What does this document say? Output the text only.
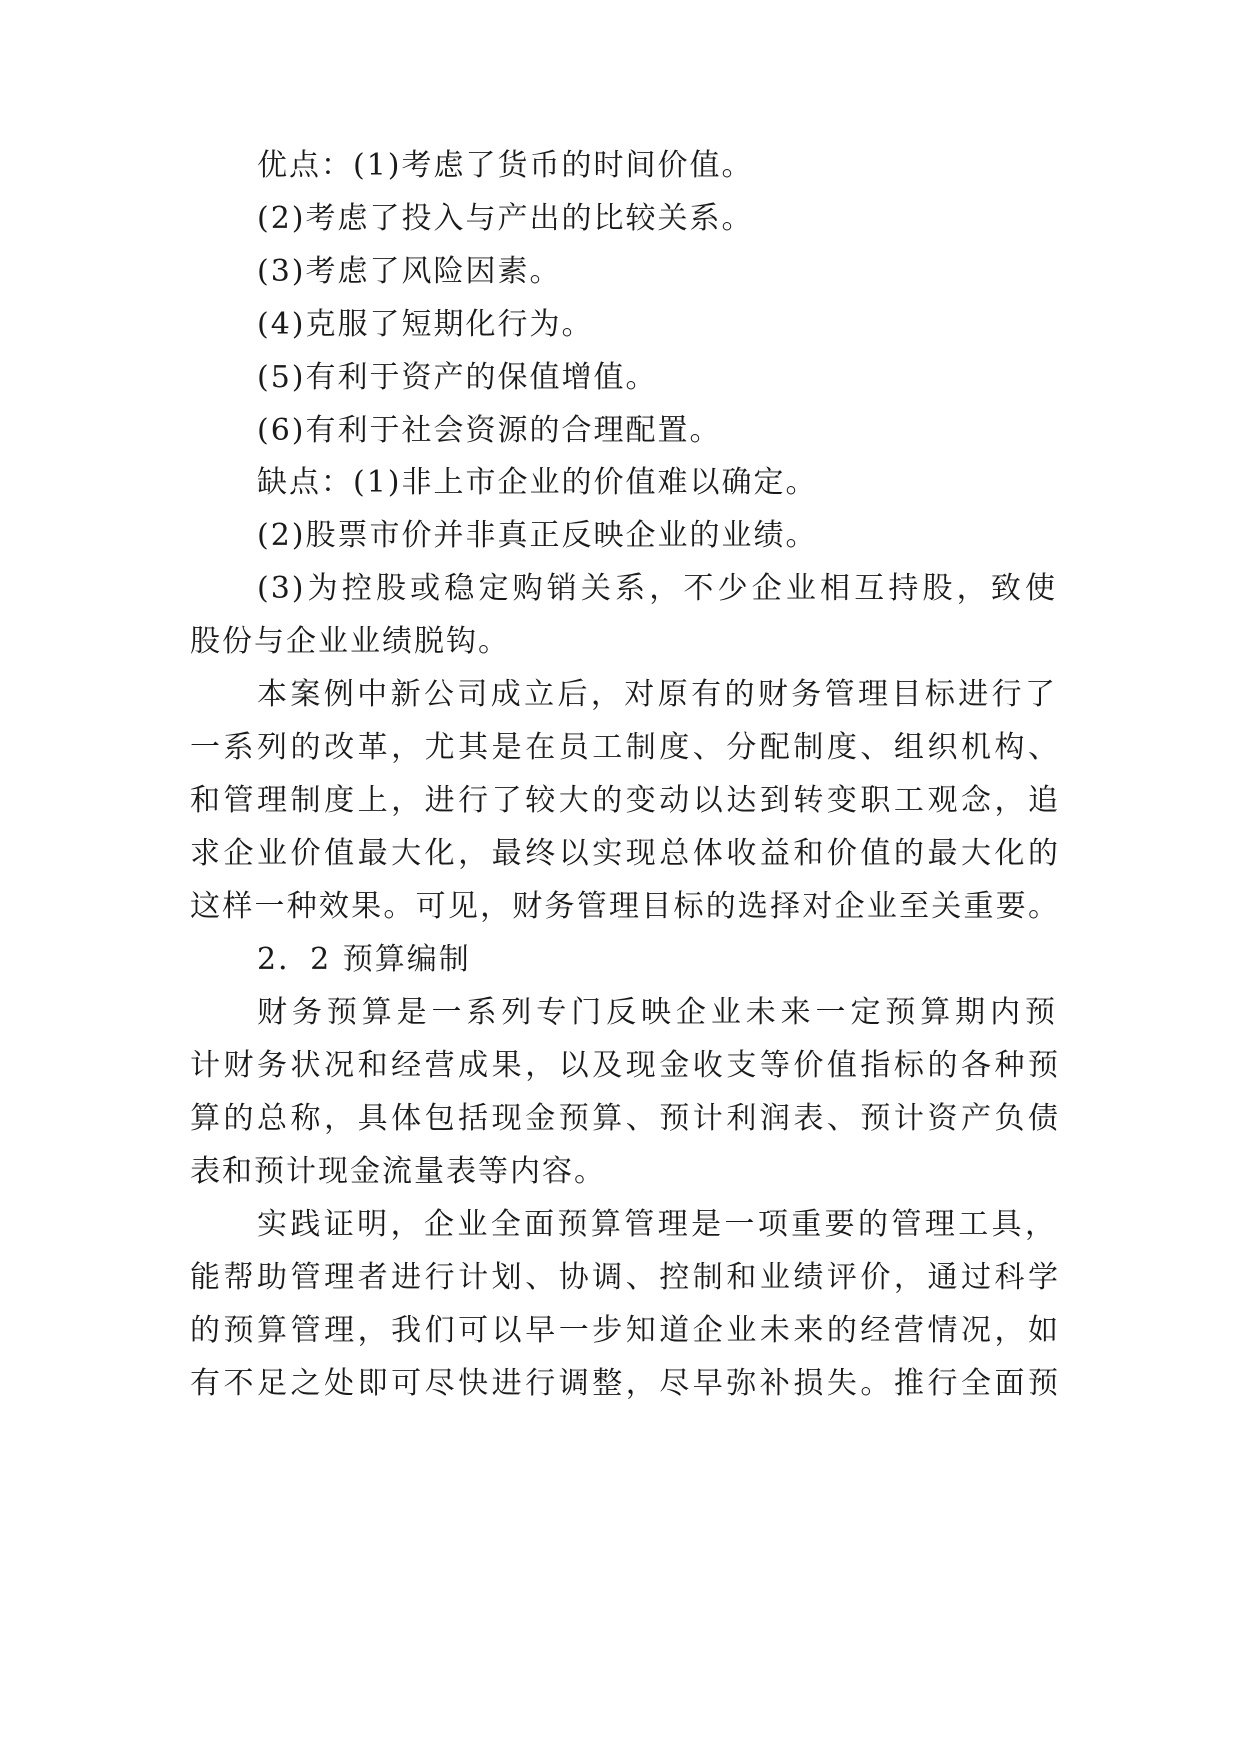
优点：(1)考虑了货币的时间价值。
(2)考虑了投入与产出的比较关系。
(3)考虑了风险因素。
(4)克服了短期化行为。
(5)有利于资产的保值增值。
(6)有利于社会资源的合理配置。
缺点：(1)非上市企业的价值难以确定。
(2)股票市价并非真正反映企业的业绩。
(3)为控股或稳定购销关系，不少企业相互持股，致使
股份与企业业绩脱钩。
本案例中新公司成立后，对原有的财务管理目标进行了
一系列的改革，尤其是在员工制度、分配制度、组织机构、
和管理制度上，进行了较大的变动以达到转变职工观念，追
求企业价值最大化，最终以实现总体收益和价值的最大化的
这样一种效果。可见，财务管理目标的选择对企业至关重要。
2．2 预算编制
财务预算是一系列专门反映企业未来一定预算期内预
计财务状况和经营成果，以及现金收支等价值指标的各种预
算的总称，具体包括现金预算、预计利润表、预计资产负债
表和预计现金流量表等内容。
实践证明，企业全面预算管理是一项重要的管理工具，
能帮助管理者进行计划、协调、控制和业绩评价，通过科学
的预算管理，我们可以早一步知道企业未来的经营情况，如
有不足之处即可尽快进行调整，尽早弥补损失。推行全面预
